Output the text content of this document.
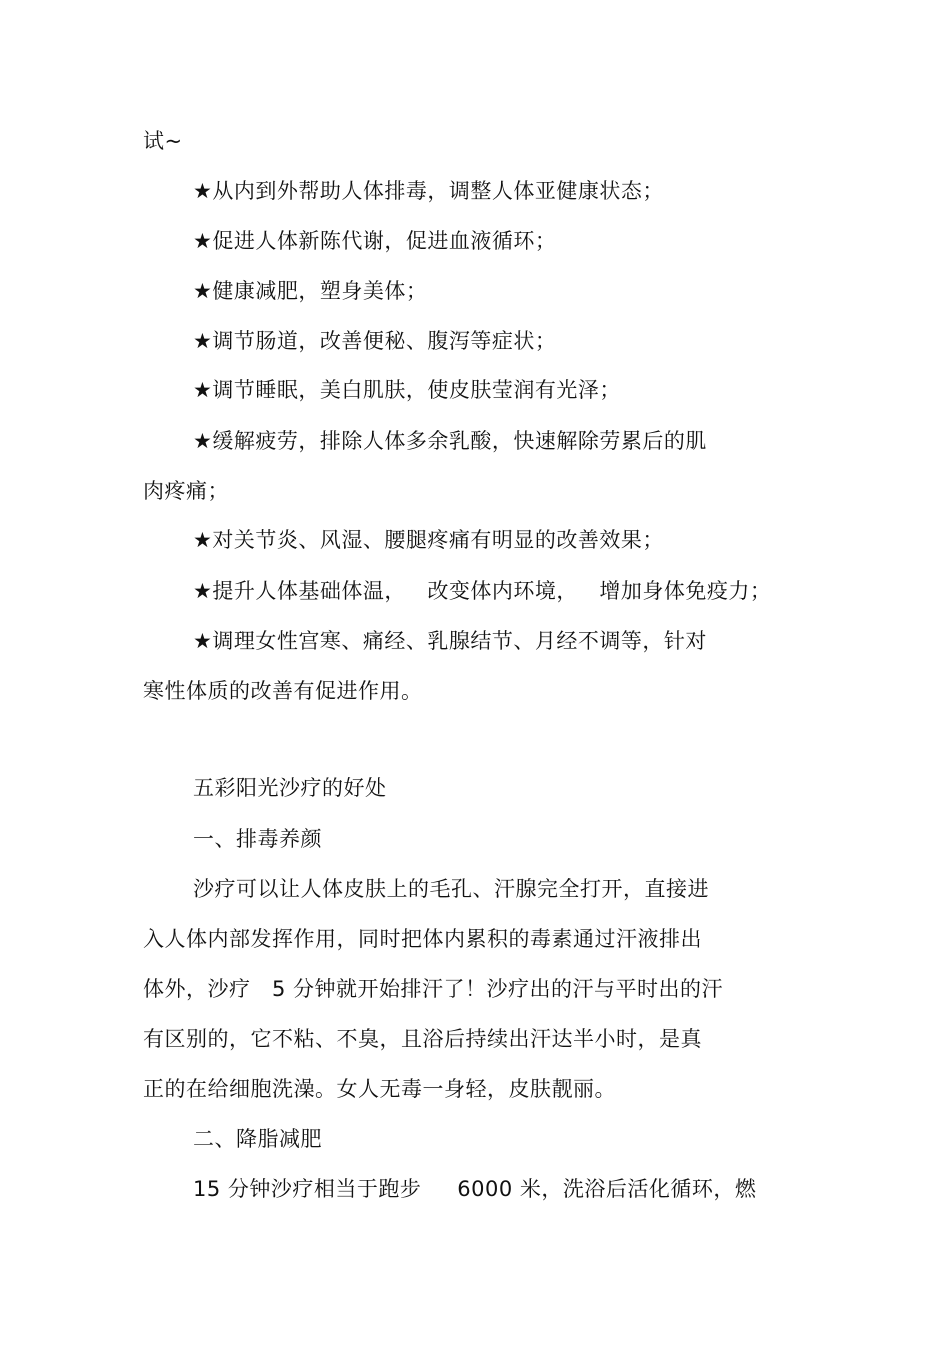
试~
★从内到外帮助人体排毒，调整人体亚健康状态；
★促进人体新陈代谢，促进血液循环；
★健康减肥，塑身美体；
★调节肠道，改善便秘、腹泻等症状；
★调节睡眠，美白肌肤，使皮肤莹润有光泽；
★缓解疲劳，排除人体多余乳酸，快速解除劳累后的肌
肉疼痛；
★对关节炎、风湿、腰腿疼痛有明显的改善效果；
★提升人体基础体温，   改变体内环境，   增加身体免疫力；
★调理女性宫寒、痛经、乳腺结节、月经不调等，针对
寒性体质的改善有促进作用。
五彩阳光沙疗的好处
一、排毒养颜
沙疗可以让人体皮肤上的毛孔、汗腺完全打开，直接进
入人体内部发挥作用，同时把体内累积的毒素通过汗液排出
体外，沙疗   5 分钟就开始排汗了！沙疗出的汗与平时出的汗
有区别的，它不粘、不臭，且浴后持续出汗达半小时，是真
正的在给细胞洗澡。女人无毒一身轻，皮肤靓丽。
二、降脂减肥
15 分钟沙疗相当于跑步     6000 米，洗浴后活化循环，燃
